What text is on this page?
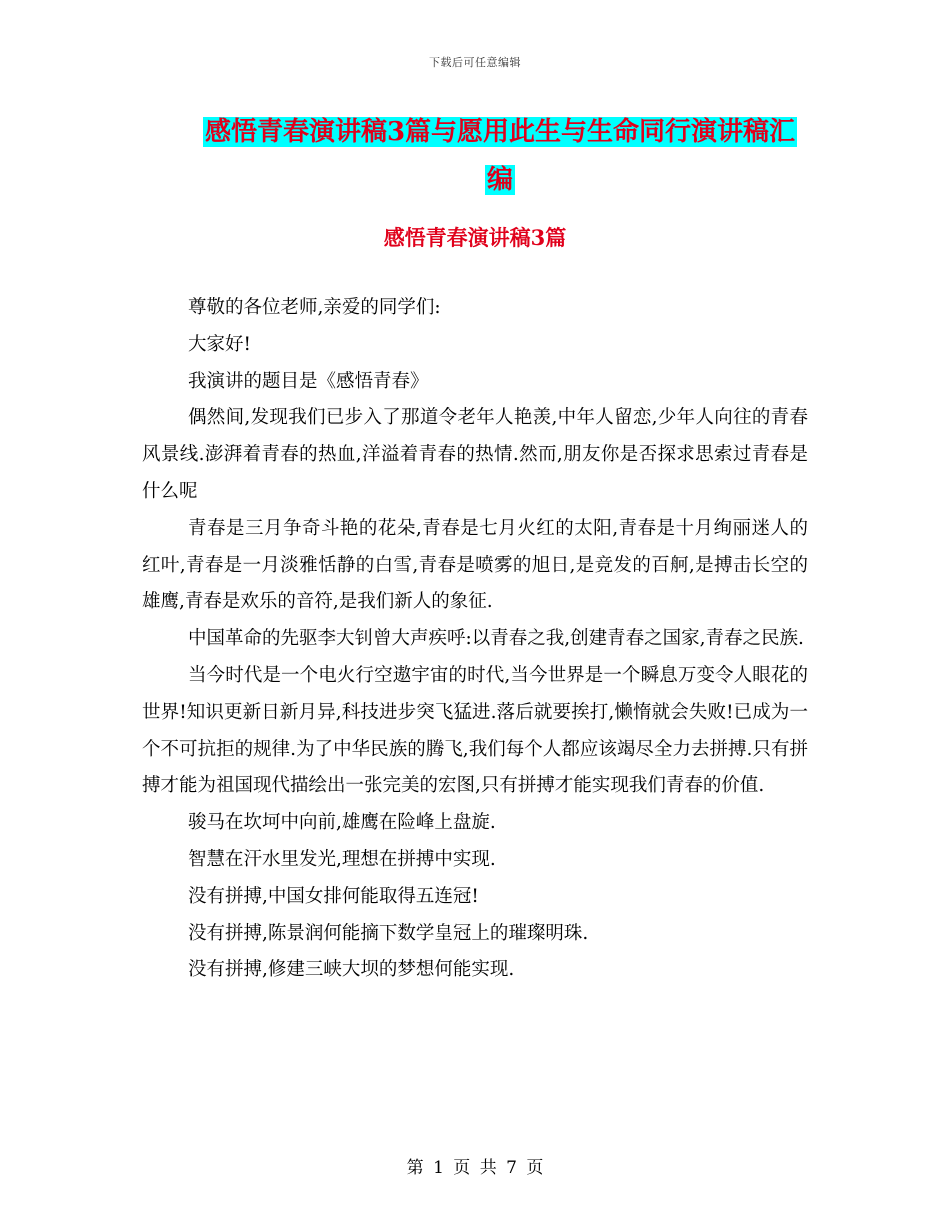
下载后可任意编辑
感悟青春演讲稿3篇与愿用此生与生命同行演讲稿汇
编
感悟青春演讲稿3篇

尊敬的各位老师,亲爱的同学们:

大家好!

我演讲的题目是《感悟青春》

偶然间,发现我们已步入了那道令老年人艳羡,中年人留恋,少年人向往的青春风景线.澎湃着青春的热血,洋溢着青春的热情.然而,朋友你是否探求思索过青春是什么呢

青春是三月争奇斗艳的花朵,青春是七月火红的太阳,青春是十月绚丽迷人的红叶,青春是一月淡雅恬静的白雪,青春是喷雾的旭日,是竞发的百舸,是搏击长空的雄鹰,青春是欢乐的音符,是我们新人的象征.

中国革命的先驱李大钊曾大声疾呼:以青春之我,创建青春之国家,青春之民族.

当今时代是一个电火行空遨宇宙的时代,当今世界是一个瞬息万变令人眼花的世界!知识更新日新月异,科技进步突飞猛进.落后就要挨打,懒惰就会失败!已成为一个不可抗拒的规律.为了中华民族的腾飞,我们每个人都应该竭尽全力去拼搏.只有拼搏才能为祖国现代描绘出一张完美的宏图,只有拼搏才能实现我们青春的价值.

骏马在坎坷中向前,雄鹰在险峰上盘旋.

智慧在汗水里发光,理想在拼搏中实现.

没有拼搏,中国女排何能取得五连冠!

没有拼搏,陈景润何能摘下数学皇冠上的璀璨明珠.

没有拼搏,修建三峡大坝的梦想何能实现.

第 1 页 共 7 页
